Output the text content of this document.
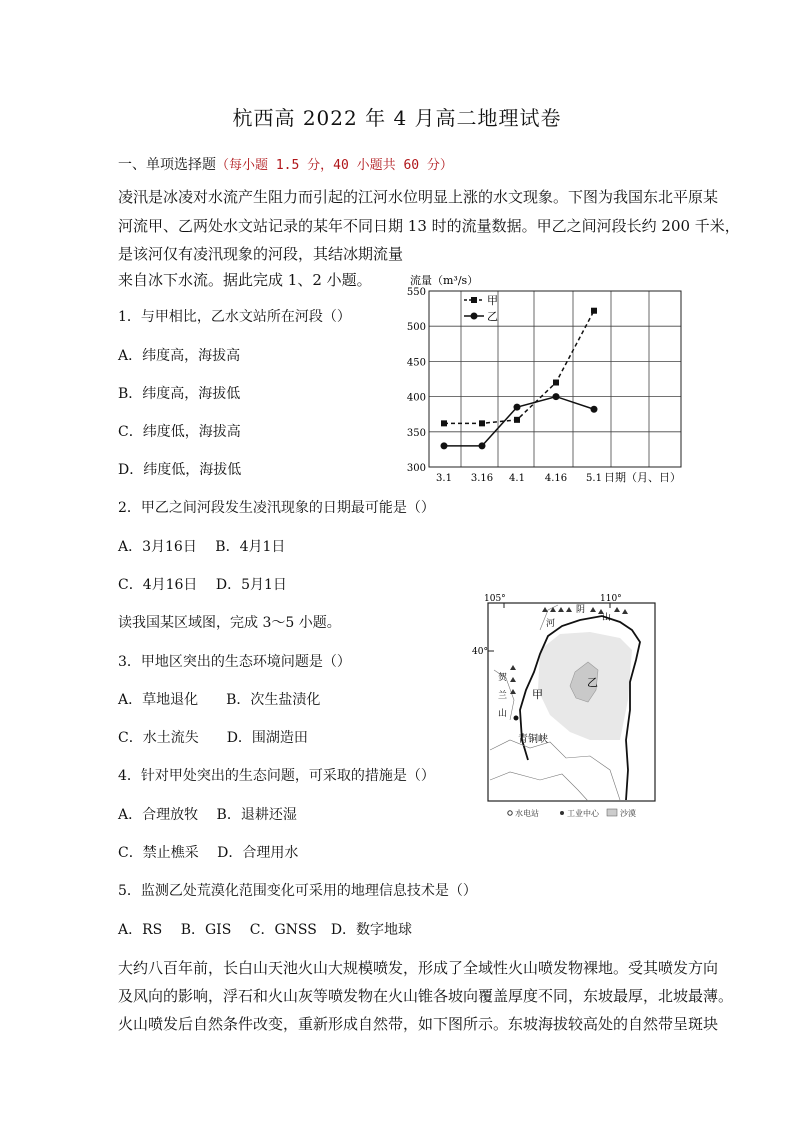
杭西高 2022 年 4 月高二地理试卷
一、单项选择题（每小题 1.5 分，40 小题共 60 分）
凌汛是冰凌对水流产生阻力而引起的江河水位明显上涨的水文现象。下图为我国东北平原某
河流甲、乙两处水文站记录的某年不同日期 13 时的流量数据。甲乙之间河段长约 200 千米，
是该河仅有凌汛现象的河段，其结冰期流量
来自冰下水流。据此完成 1、2 小题。
1．与甲相比，乙水文站所在河段（）
A．纬度高，海拔高
B．纬度高，海拔低
C．纬度低，海拔高
D．纬度低，海拔低
2．甲乙之间河段发生凌汛现象的日期最可能是（）
A．3月16日　 B．4月1日
C．4月16日　 D．5月1日
读我国某区域图，完成 3～5 小题。
3．甲地区突出的生态环境问题是（）
A．草地退化　　B．次生盐渍化
C．水土流失　　D．围湖造田
4．针对甲处突出的生态问题，可采取的措施是（）
A．合理放牧　 B．退耕还湿
C．禁止樵采　 D．合理用水
5．监测乙处荒漠化范围变化可采用的地理信息技术是（）
A．RS　 B．GIS　 C．GNSS　D．数字地球
大约八百年前，长白山天池火山大规模喷发，形成了全域性火山喷发物裸地。受其喷发方向
及风向的影响，浮石和火山灰等喷发物在火山锥各坡向覆盖厚度不同，东坡最厚，北坡最薄。
火山喷发后自然条件改变，重新形成自然带，如下图所示。东坡海拔较高处的自然带呈斑块
流量（m³/s）
550
500
450
400
350
300
3.1 3.16 4.1 4.16 5.1 日期（月、日）
甲
乙
105°	110°
40°
阴
山
河
贺
兰
山
甲
乙
青铜峡
水电站	工业中心	沙漠
